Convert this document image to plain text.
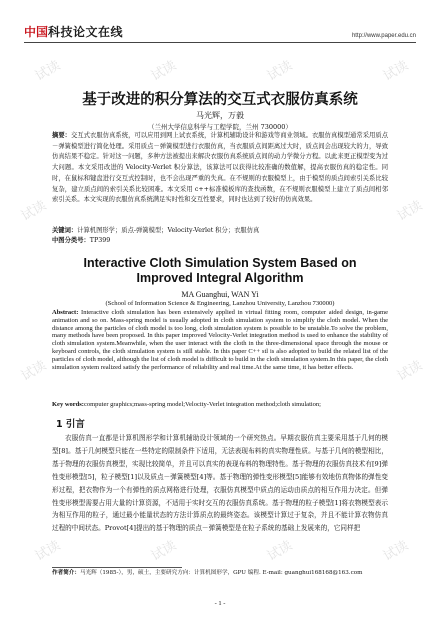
试读	试读	试读	试读
试读	试读
试读	试读
试读	试读	试读	试读
中国 科技论文在线	http://www.paper.edu.cn
基于改进的积分算法的交互式衣服仿真系统
马光辉，万毅
（兰州大学信息科学与工程学院，兰州 730000）
摘要：交互式衣服仿真系统，可以应用到网上试衣系统，计算机辅助设计和游戏等商业领域。衣服仿真模型通常采用质点－弹簧模型进行简化处理。采用质点－弹簧模型进行衣服仿真，当衣服质点间距离过大时，质点间会出现较大的力，导致仿真结果不稳定。针对这一问题，多种方法被提出来解决衣服仿真系统质点间的动力学微分方程。以此来更正模型变为过大问题。本文采用改进的 Velocity-Verlet 积分算法，该算法可以获得比较准确的数值解，提高衣服仿真的稳定性。同时，在鼠标和键盘进行交互式控制时，也不会出现严重的失真。在不规则的衣服模型上，由于模型的质点间索引关系比较复杂，建立质点间的索引关系比较困难。本文采用 c++标准模板库的查找函数，在不规则衣服模型上建立了质点间相邻索引关系。本文实现的衣服仿真系统满足实时性和交互性要求，同时也达到了较好的仿真效果。
关键词：计算机图形学；质点-弹簧模型；Velocity-Verlet 积分；衣服仿真
中图分类号：TP399
Interactive Cloth Simulation System Based on Improved Integral Algorithm
MA Guanghui, WAN Yi
(School of Information Science & Engineering, Lanzhou University, Lanzhou 730000)
Abstract: Interactive cloth simulation has been extensively applied in virtual fitting room, computer aided design, in-game animation and so on. Mass-spring model is usually adopted in cloth simulation system to simplify the cloth model. When the distance among the particles of cloth model is too long, cloth simulation system is possible to be unstable.To solve the problem, many methods have been proposed. In this paper improved Velocity-Verlet integration method is used to enhance the stability of cloth simulation system.Meanwhile, when the user interact with the cloth in the three-dimensional space through the mouse or keyboard controls, the cloth simulation system is still stable. In this paper C++ stl is also adopted to build the related list of the particles of cloth model, although the list of cloth model is difficult to build in the cloth simulation system.In this paper, the cloth simulation system realized satisfy the performance of reliability and real time.At the same time, it has better effects.
Key words:computer graphics;mass-spring model;Velocity-Verlet integration method;cloth simulation;
1 引言
衣服仿真一直都是计算机图形学和计算机辅助设计领域的一个研究热点。早期衣服仿真主要采用基于几何的模型[8]。基于几何模型只能在一些特定的限制条件下适用，无法表现布料的真实物理性质。与基于几何的模型相比，基于物理的衣服仿真模型，实现比较简单，并且可以真实的表现布料的物理特性。基于物理的衣服仿真技术有[9]弹性变形模型[5]，粒子模型[1]以及质点－弹簧模型[4]等。基于物理的弹性变形模型[5]能够有效地仿真物体的弹性变形过程，把衣物作为一个有弹性的质点网格进行处理，衣服仿真模型中质点的运动由质点的相互作用力决定。但弹性变形模型需要占用大量的计算资源，不适用于实时交互的衣服仿真系统。基于物理的粒子模型[1]将衣物模型表示为相互作用的粒子，通过最小能量状态的方法计算质点的最终姿态。该模型计算过于复杂，并且不能计算衣物仿真过程的中间状态。Provot[4]提出的基于物理的质点－弹簧模型是在粒子系统的基础上发展来的，它同样把
作者简介：马光辉（1985-），男，硕士，主要研究方向：计算机图形学，GPU 编程. E-mail: guanghui168168@163.com
- 1 -
